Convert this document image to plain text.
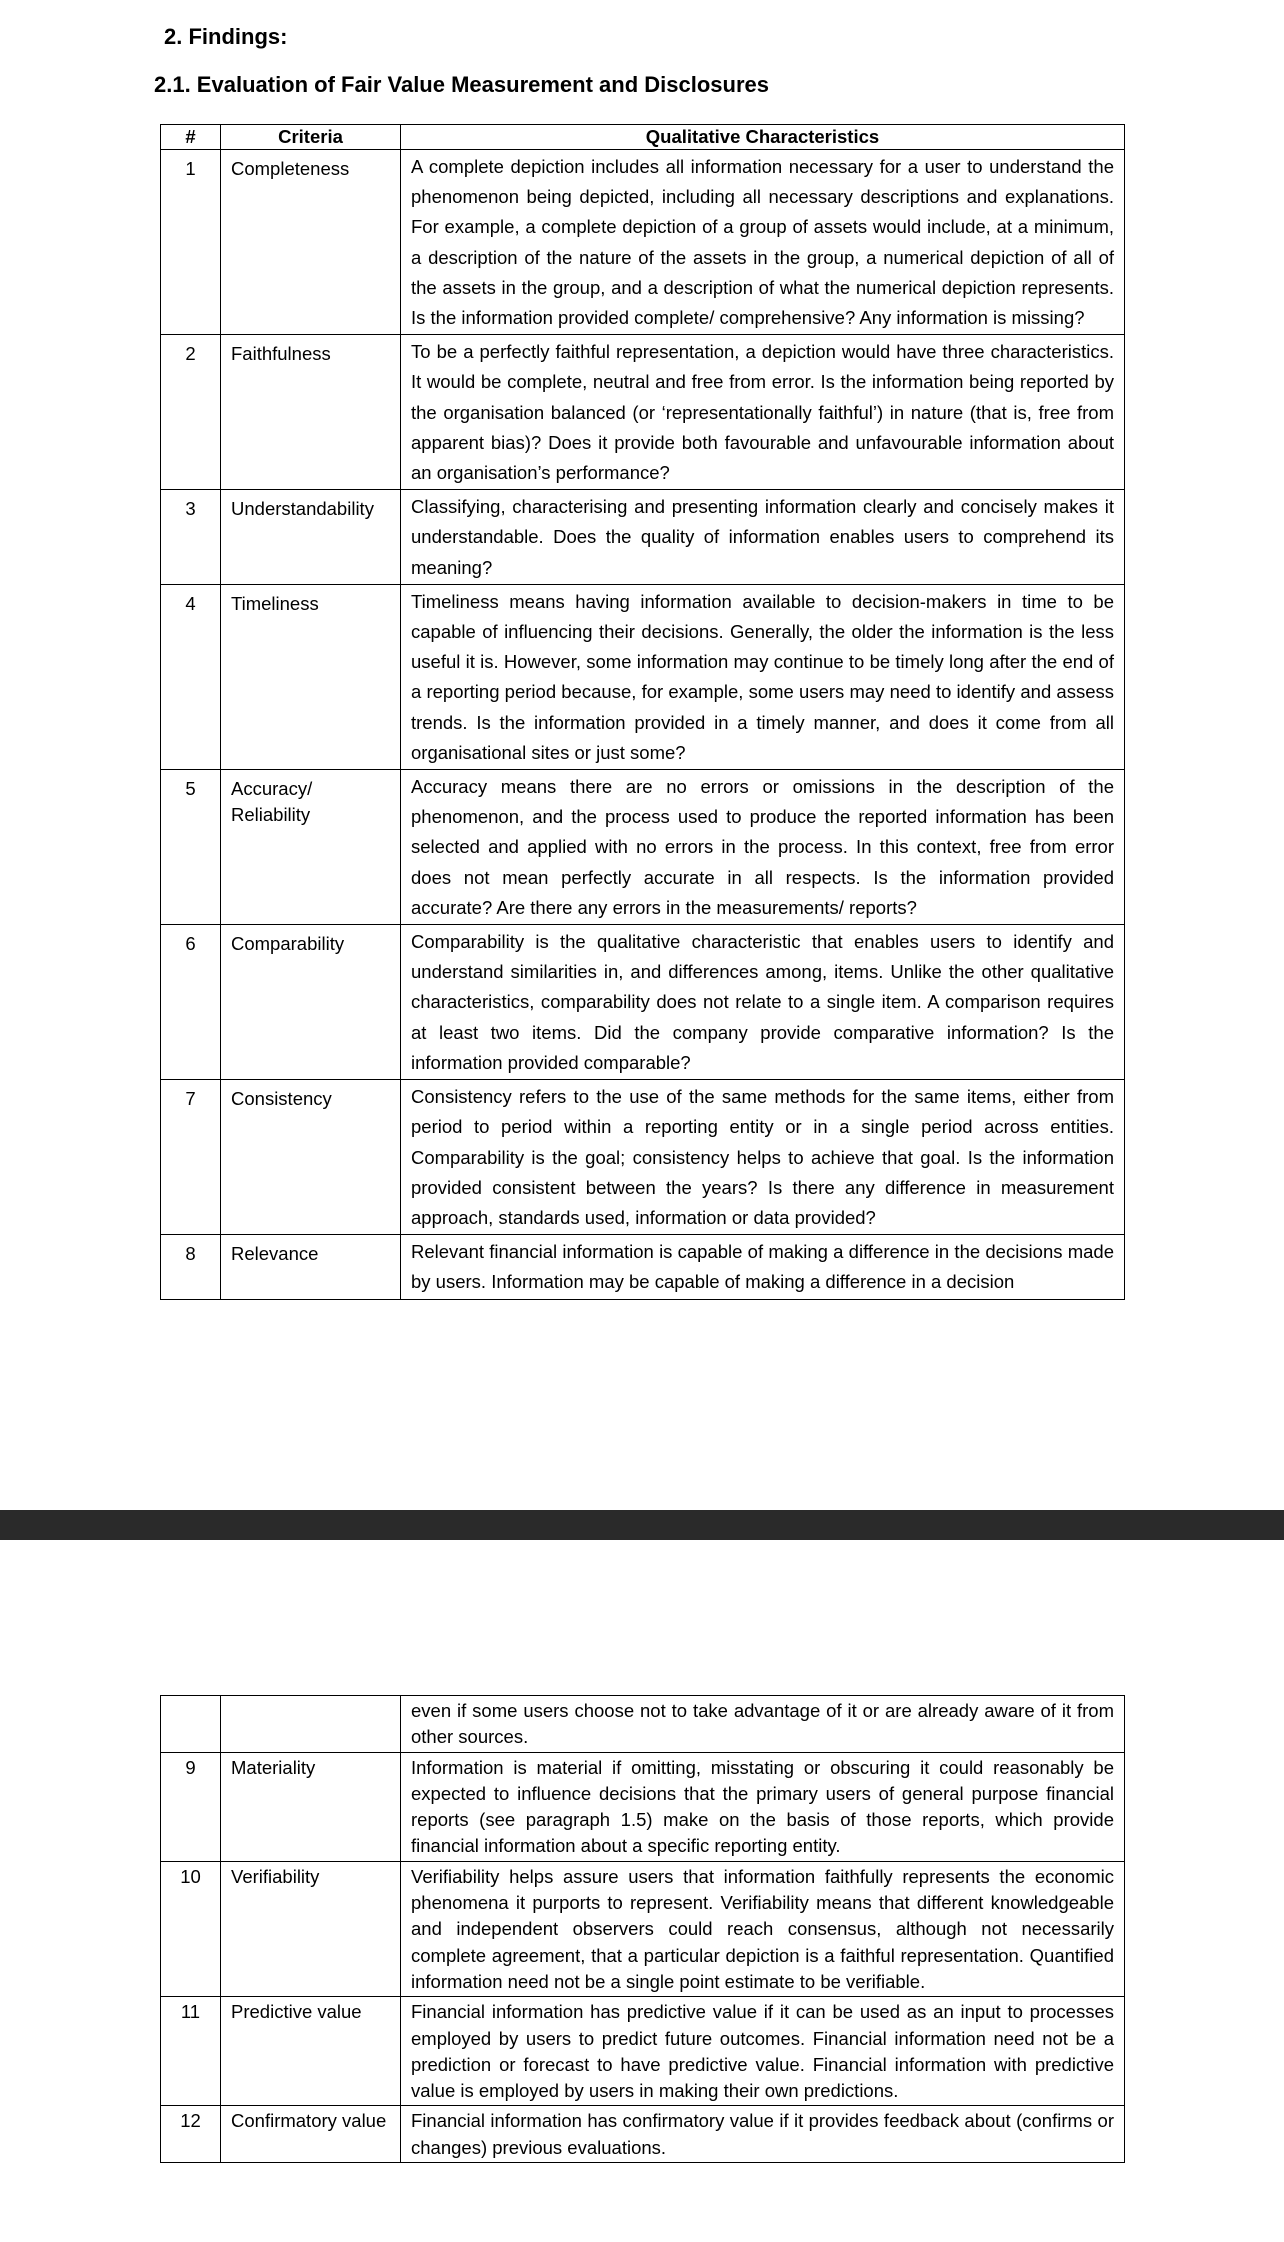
2. Findings:
2.1. Evaluation of Fair Value Measurement and Disclosures
#	Criteria	Qualitative Characteristics
1	Completeness	A complete depiction includes all information necessary for a user to understand the phenomenon being depicted, including all necessary descriptions and explanations. For example, a complete depiction of a group of assets would include, at a minimum, a description of the nature of the assets in the group, a numerical depiction of all of the assets in the group, and a description of what the numerical depiction represents. Is the information provided complete/ comprehensive? Any information is missing?
2	Faithfulness	To be a perfectly faithful representation, a depiction would have three characteristics. It would be complete, neutral and free from error. Is the information being reported by the organisation balanced (or ‘representationally faithful’) in nature (that is, free from apparent bias)? Does it provide both favourable and unfavourable information about an organisation’s performance?
3	Understandability	Classifying, characterising and presenting information clearly and concisely makes it understandable. Does the quality of information enables users to comprehend its meaning?
4	Timeliness	Timeliness means having information available to decision-makers in time to be capable of influencing their decisions. Generally, the older the information is the less useful it is. However, some information may continue to be timely long after the end of a reporting period because, for example, some users may need to identify and assess trends. Is the information provided in a timely manner, and does it come from all organisational sites or just some?
5	Accuracy/ Reliability	Accuracy means there are no errors or omissions in the description of the phenomenon, and the process used to produce the reported information has been selected and applied with no errors in the process. In this context, free from error does not mean perfectly accurate in all respects. Is the information provided accurate? Are there any errors in the measurements/ reports?
6	Comparability	Comparability is the qualitative characteristic that enables users to identify and understand similarities in, and differences among, items. Unlike the other qualitative characteristics, comparability does not relate to a single item. A comparison requires at least two items. Did the company provide comparative information? Is the information provided comparable?
7	Consistency	Consistency refers to the use of the same methods for the same items, either from period to period within a reporting entity or in a single period across entities. Comparability is the goal; consistency helps to achieve that goal. Is the information provided consistent between the years? Is there any difference in measurement approach, standards used, information or data provided?
8	Relevance	Relevant financial information is capable of making a difference in the decisions made by users. Information may be capable of making a difference in a decision
		even if some users choose not to take advantage of it or are already aware of it from other sources.
9	Materiality	Information is material if omitting, misstating or obscuring it could reasonably be expected to influence decisions that the primary users of general purpose financial reports (see paragraph 1.5) make on the basis of those reports, which provide financial information about a specific reporting entity.
10	Verifiability	Verifiability helps assure users that information faithfully represents the economic phenomena it purports to represent. Verifiability means that different knowledgeable and independent observers could reach consensus, although not necessarily complete agreement, that a particular depiction is a faithful representation. Quantified information need not be a single point estimate to be verifiable.
11	Predictive value	Financial information has predictive value if it can be used as an input to processes employed by users to predict future outcomes. Financial information need not be a prediction or forecast to have predictive value. Financial information with predictive value is employed by users in making their own predictions.
12	Confirmatory value	Financial information has confirmatory value if it provides feedback about (confirms or changes) previous evaluations.
